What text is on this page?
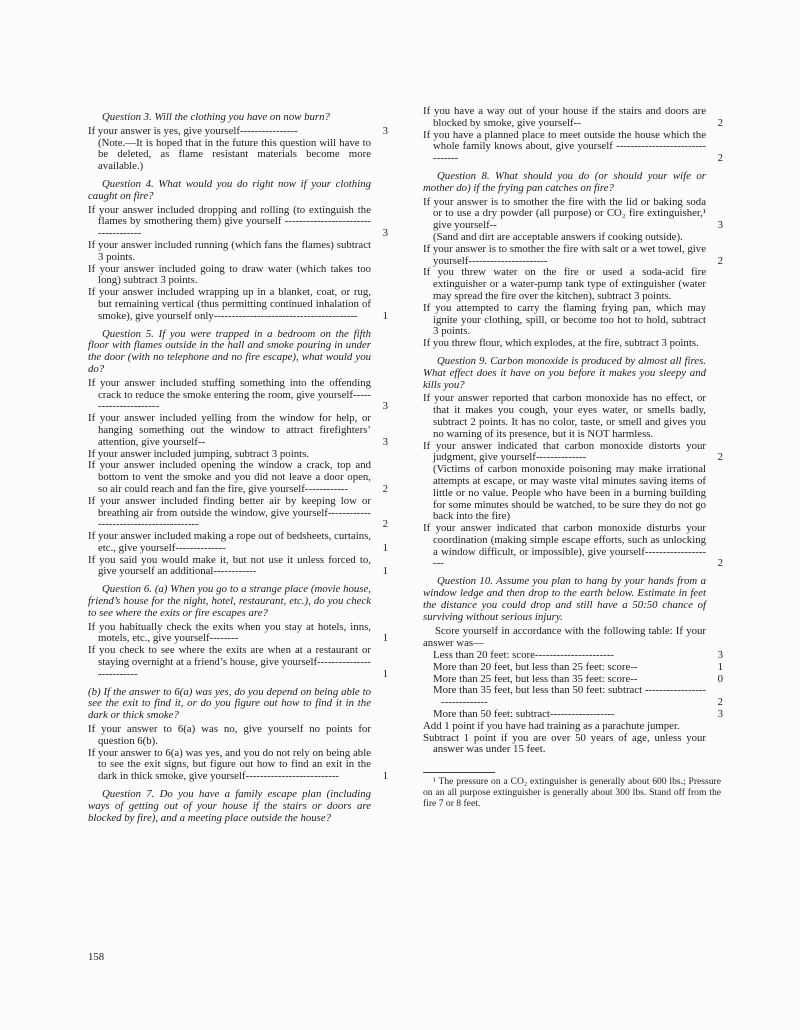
Question 3. Will the clothing you have on now burn?

If your answer is yes, give yourself----------------	3

(Note.—It is hoped that in the future this question will have to be deleted, as flame resistant materials become more available.)

Question 4. What would you do right now if your clothing caught on fire?

If your answer included dropping and rolling (to extinguish the flames by smothering them) give yourself ------------------------------------	3

If your answer included running (which fans the flames) subtract 3 points.

If your answer included going to draw water (which takes too long) subtract 3 points.

If your answer included wrapping up in a blanket, coat, or rug, but remaining vertical (thus permitting continued inhalation of smoke), give yourself only----------------------------------------	1

Question 5. If you were trapped in a bedroom on the fifth floor with flames outside in the hall and smoke pouring in under the door (with no telephone and no fire escape), what would you do?

If your answer included stuffing something into the offending crack to reduce the smoke entering the room, give yourself----------------------	3

If your answer included yelling from the window for help, or hanging something out the window to attract firefighters’ attention, give yourself--	3

If your answer included jumping, subtract 3 points.

If your answer included opening the window a crack, top and bottom to vent the smoke and you did not leave a door open, so air could reach and fan the fire, give yourself------------	2

If your answer included finding better air by keeping low or breathing air from outside the window, give yourself----------------------------------------	2

If your answer included making a rope out of bedsheets, curtains, etc., give yourself--------------	1

If you said you would make it, but not use it unless forced to, give yourself an additional------------	1

Question 6. (a) When you go to a strange place (movie house, friend’s house for the night, hotel, restaurant, etc.), do you check to see where the exits or fire escapes are?

If you habitually check the exits when you stay at hotels, inns, motels, etc., give yourself--------	1

If you check to see where the exits are when at a restaurant or staying overnight at a friend’s house, give yourself--------------------------	1

(b) If the answer to 6(a) was yes, do you depend on being able to see the exit to find it, or do you figure out how to find it in the dark or thick smoke?

If your answer to 6(a) was no, give yourself no points for question 6(b).

If your answer to 6(a) was yes, and you do not rely on being able to see the exit signs, but figure out how to find an exit in the dark in thick smoke, give yourself--------------------------	1

Question 7. Do you have a family escape plan (including ways of getting out of your house if the stairs or doors are blocked by fire), and a meeting place outside the house?

If you have a way out of your house if the stairs and doors are blocked by smoke, give yourself--	2

If you have a planned place to meet outside the house which the whole family knows about, give yourself --------------------------------	2

Question 8. What should you do (or should your wife or mother do) if the frying pan catches on fire?

If your answer is to smother the fire with the lid or baking soda or to use a dry powder (all purpose) or CO₂ fire extinguisher,¹ give yourself--	3

(Sand and dirt are acceptable answers if cooking outside).

If your answer is to smother the fire with salt or a wet towel, give yourself----------------------	2

If you threw water on the fire or used a soda-acid fire extinguisher or a water-pump tank type of extinguisher (water may spread the fire over the kitchen), subtract 3 points.

If you attempted to carry the flaming frying pan, which may ignite your clothing, spill, or become too hot to hold, subtract 3 points.

If you threw flour, which explodes, at the fire, subtract 3 points.

Question 9. Carbon monoxide is produced by almost all fires. What effect does it have on you before it makes you sleepy and kills you?

If your answer reported that carbon monoxide has no effect, or that it makes you cough, your eyes water, or smells badly, subtract 2 points. It has no color, taste, or smell and gives you no warning of its presence, but it is NOT harmless.

If your answer indicated that carbon monoxide distorts your judgment, give yourself--------------	2

(Victims of carbon monoxide poisoning may make irrational attempts at escape, or may waste vital minutes saving items of little or no value. People who have been in a burning building for some minutes should be watched, to be sure they do not go back into the fire)

If your answer indicated that carbon monoxide disturbs your coordination (making simple escape efforts, such as unlocking a window difficult, or impossible), give yourself--------------------	2

Question 10. Assume you plan to hang by your hands from a window ledge and then drop to the earth below. Estimate in feet the distance you could drop and still have a 50:50 chance of surviving without serious injury.

Score yourself in accordance with the following table: If your answer was—

Less than 20 feet: score----------------------	3

More than 20 feet, but less than 25 feet: score--	1

More than 25 feet, but less than 35 feet: score--	0

More than 35 feet, but less than 50 feet: subtract ------------------------------	2

More than 50 feet: subtract------------------	3

Add 1 point if you have had training as a parachute jumper.

Subtract 1 point if you are over 50 years of age, unless your answer was under 15 feet.

¹ The pressure on a CO₂ extinguisher is generally about 600 lbs.; Pressure on an all purpose extinguisher is generally about 300 lbs. Stand off from the fire 7 or 8 feet.

158
